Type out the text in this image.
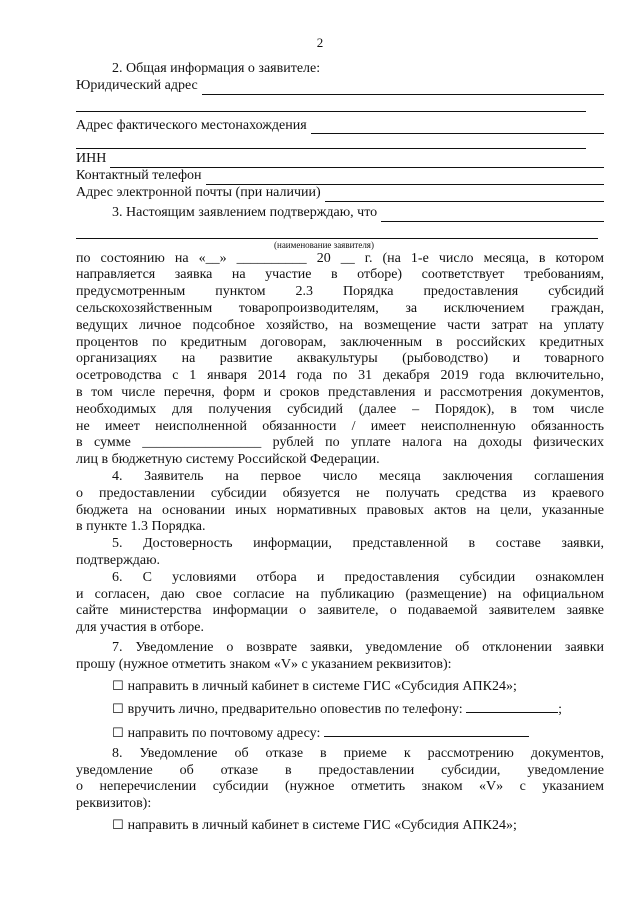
2
2. Общая информация о заявителе:
Юридический адрес
Адрес фактического местонахождения
ИНН
Контактный телефон
Адрес электронной почты (при наличии)
3. Настоящим заявлением подтверждаю, что
(наименование заявителя)
по состоянию на «__» __________ 20 __ г. (на 1-е число месяца, в котором
направляется заявка на участие в отборе) соответствует требованиям,
предусмотренным пунктом 2.3 Порядка предоставления субсидий
сельскохозяйственным товаропроизводителям, за исключением граждан,
ведущих личное подсобное хозяйство, на возмещение части затрат на уплату
процентов по кредитным договорам, заключенным в российских кредитных
организациях на развитие аквакультуры (рыбоводство) и товарного
осетроводства с 1 января 2014 года по 31 декабря 2019 года включительно,
в том числе перечня, форм и сроков представления и рассмотрения документов,
необходимых для получения субсидий (далее – Порядок), в том числе
не имеет неисполненной обязанности / имеет неисполненную обязанность
в сумме _________________ рублей по уплате налога на доходы физических
лиц в бюджетную систему Российской Федерации.
4. Заявитель на первое число месяца заключения соглашения
о предоставлении субсидии обязуется не получать средства из краевого
бюджета на основании иных нормативных правовых актов на цели, указанные
в пункте 1.3 Порядка.
5. Достоверность информации, представленной в составе заявки,
подтверждаю.
6. С условиями отбора и предоставления субсидии ознакомлен
и согласен, даю свое согласие на публикацию (размещение) на официальном
сайте министерства информации о заявителе, о подаваемой заявителем заявке
для участия в отборе.
7. Уведомление о возврате заявки, уведомление об отклонении заявки
прошу (нужное отметить знаком «V» с указанием реквизитов):
☐ направить в личный кабинет в системе ГИС «Субсидия АПК24»;
☐ вручить лично, предварительно оповестив по телефону:	;
☐ направить по почтовому адресу:
8. Уведомление об отказе в приеме к рассмотрению документов,
уведомление об отказе в предоставлении субсидии, уведомление
о неперечислении субсидии (нужное отметить знаком «V» с указанием
реквизитов):
☐ направить в личный кабинет в системе ГИС «Субсидия АПК24»;
